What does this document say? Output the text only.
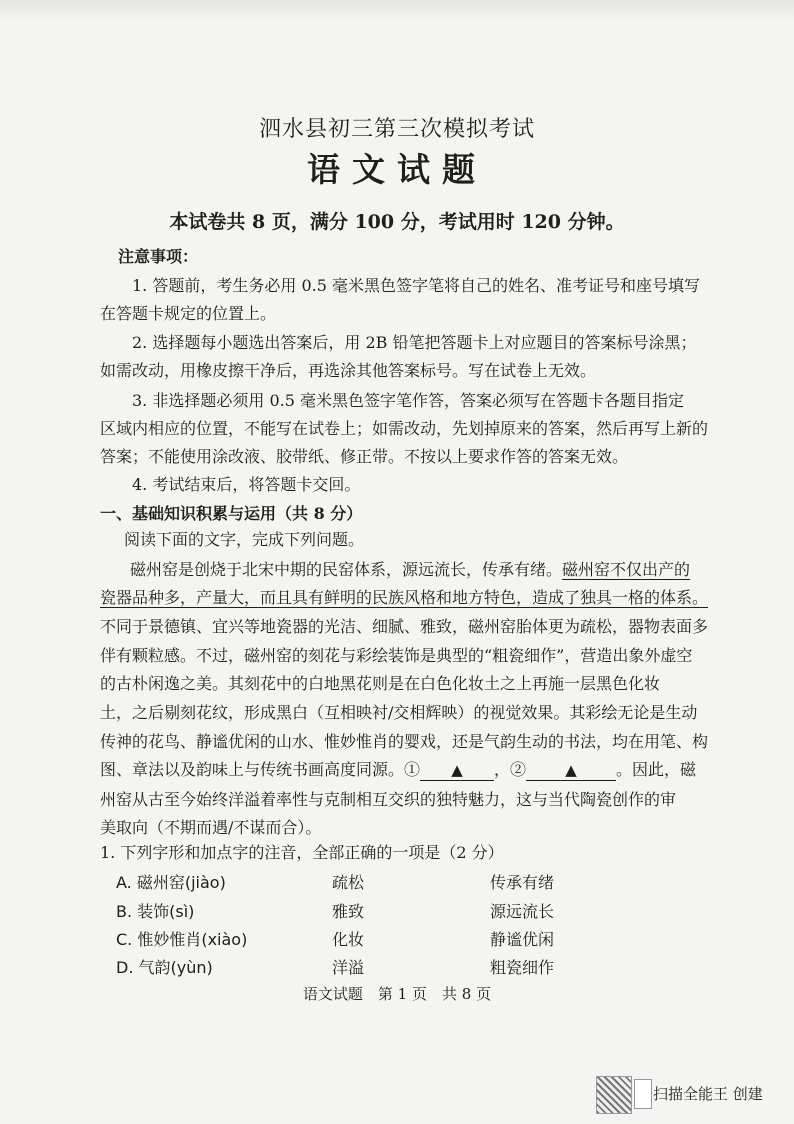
泗水县初三第三次模拟考试
语文试题
本试卷共 8 页，满分 100 分，考试用时 120 分钟。
注意事项：
1. 答题前，考生务必用 0.5 毫米黑色签字笔将自己的姓名、准考证号和座号填写
在答题卡规定的位置上。
2. 选择题每小题选出答案后，用 2B 铅笔把答题卡上对应题目的答案标号涂黑；
如需改动，用橡皮擦干净后，再选涂其他答案标号。写在试卷上无效。
3. 非选择题必须用 0.5 毫米黑色签字笔作答，答案必须写在答题卡各题目指定
区域内相应的位置，不能写在试卷上；如需改动，先划掉原来的答案，然后再写上新的
答案；不能使用涂改液、胶带纸、修正带。不按以上要求作答的答案无效。
4. 考试结束后，将答题卡交回。
一、基础知识积累与运用（共 8 分）
阅读下面的文字，完成下列问题。
磁州窑是创烧于北宋中期的民窑体系，源远流长，传承有绪。磁州窑不仅出产的
瓷器品种多，产量大，而且具有鲜明的民族风格和地方特色，造成了独具一格的体系。
不同于景德镇、宜兴等地瓷器的光洁、细腻、雅致，磁州窑胎体更为疏松，器物表面多
伴有颗粒感。不过，磁州窑的刻花与彩绘装饰是典型的“粗瓷细作”，营造出象外虚空
的古朴闲逸之美。其刻花中的白地黑花则是在白色化妆土之上再施一层黑色化妆
土，之后剔刻花纹，形成黑白（互相映衬/交相辉映）的视觉效果。其彩绘无论是生动
传神的花鸟、静谧优闲的山水、惟妙惟肖的婴戏，还是气韵生动的书法，均在用笔、构
图、章法以及韵味上与传统书画高度同源。① ▲ ，②	▲ 。因此，磁
州窑从古至今始终洋溢着率性与克制相互交织的独特魅力，这与当代陶瓷创作的审
美取向（不期而遇/不谋而合）。
1. 下列字形和加点字的注音，全部正确的一项是（2 分）
A. 磁州窑(jiào)	疏松	传承有绪
B. 装饰(sì)	雅致	源远流长
C. 惟妙惟肖(xiào)	化妆	静谧优闲
D. 气韵(yùn)	洋溢	粗瓷细作
语文试题　第 1 页　共 8 页
扫描全能王 创建
